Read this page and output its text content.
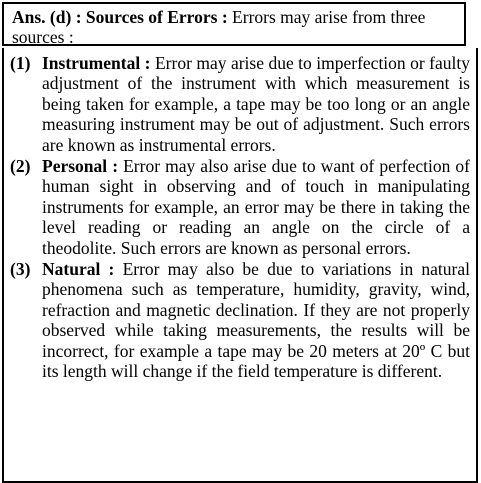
Ans. (d) : Sources of Errors : Errors may arise from three sources :
(1) Instrumental : Error may arise due to imperfection or faulty adjustment of the instrument with which measurement is being taken for example, a tape may be too long or an angle measuring instrument may be out of adjustment. Such errors are known as instrumental errors.
(2) Personal : Error may also arise due to want of perfection of human sight in observing and of touch in manipulating instruments for example, an error may be there in taking the level reading or reading an angle on the circle of a theodolite. Such errors are known as personal errors.
(3) Natural : Error may also be due to variations in natural phenomena such as temperature, humidity, gravity, wind, refraction and magnetic declination. If they are not properly observed while taking measurements, the results will be incorrect, for example a tape may be 20 meters at 20º C but its length will change if the field temperature is different.
